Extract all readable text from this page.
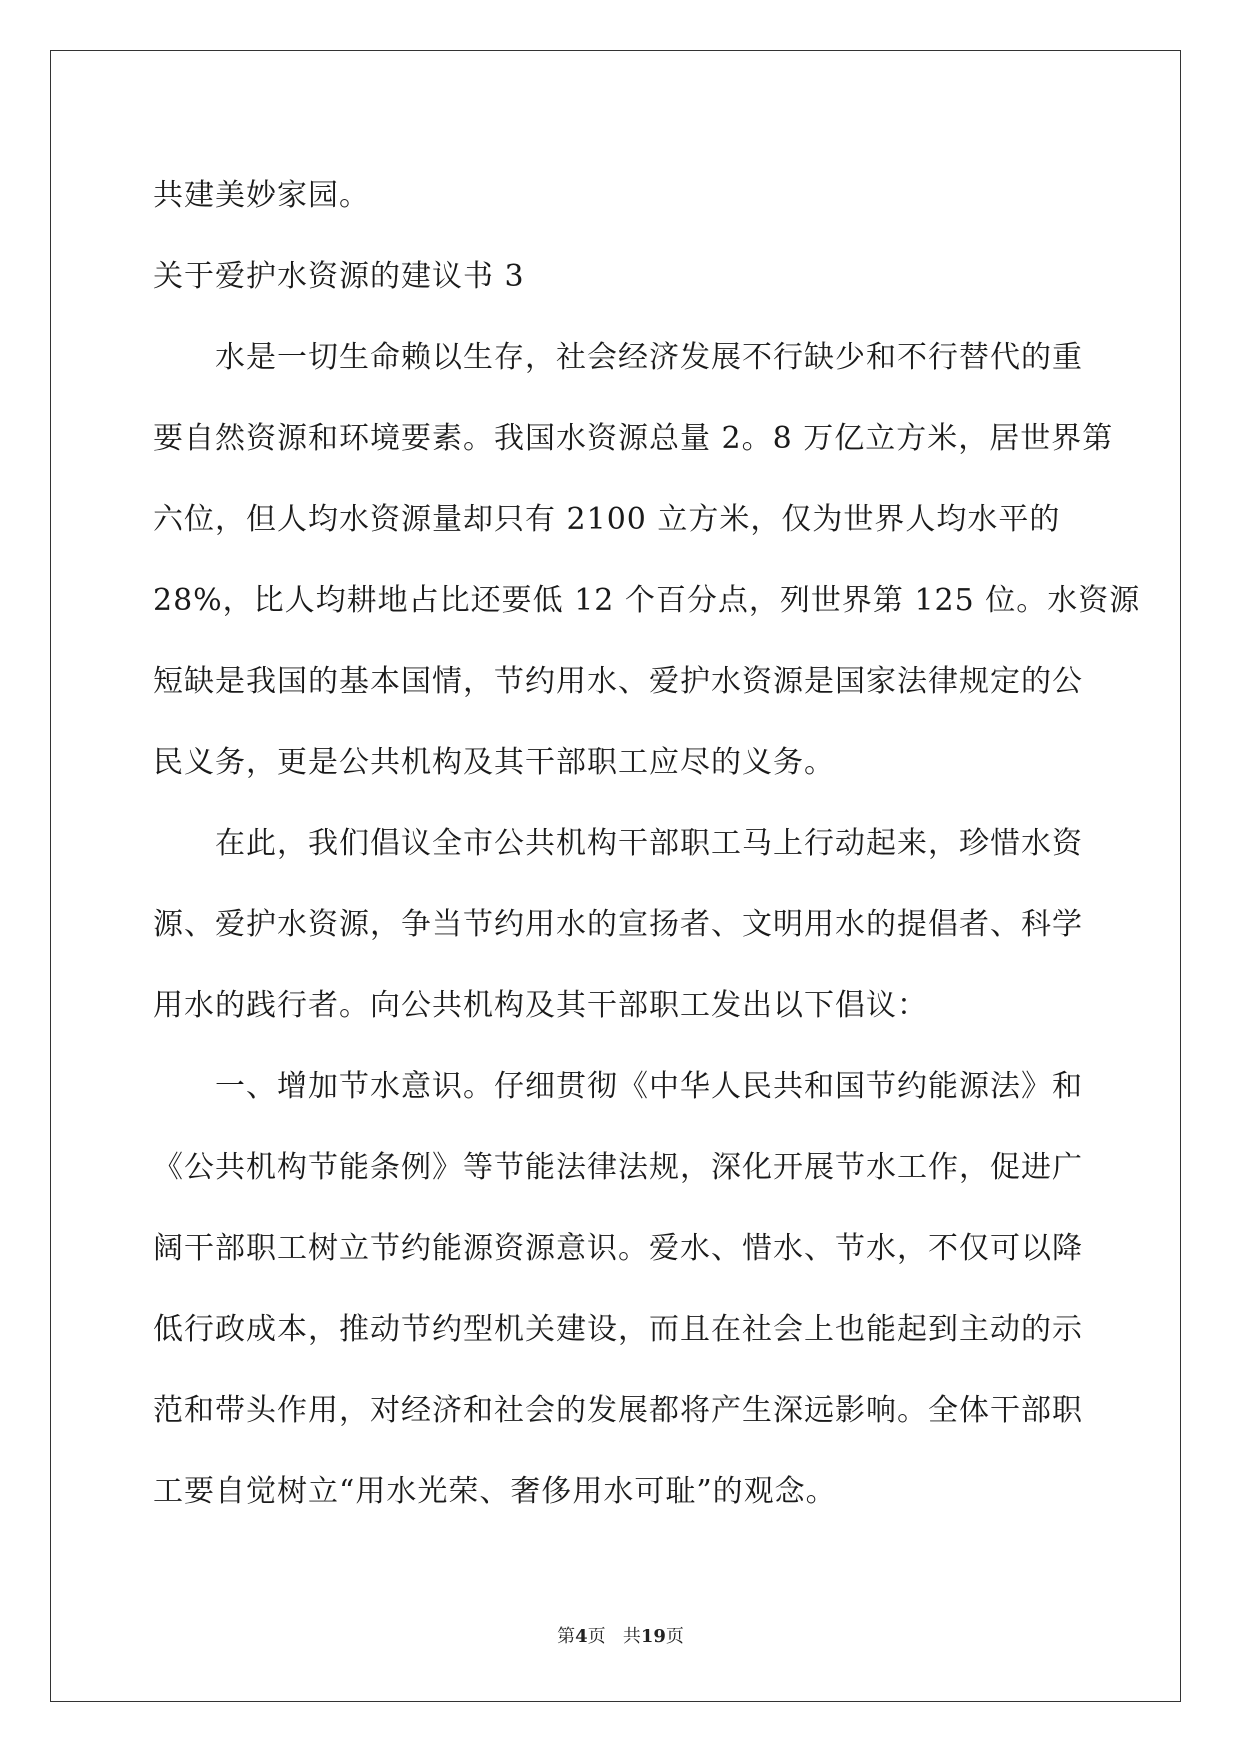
共建美妙家园。
关于爱护水资源的建议书 3
水是一切生命赖以生存，社会经济发展不行缺少和不行替代的重
要自然资源和环境要素。我国水资源总量 2。8 万亿立方米，居世界第
六位，但人均水资源量却只有 2100 立方米，仅为世界人均水平的
28%，比人均耕地占比还要低 12 个百分点，列世界第 125 位。水资源
短缺是我国的基本国情，节约用水、爱护水资源是国家法律规定的公
民义务，更是公共机构及其干部职工应尽的义务。
在此，我们倡议全市公共机构干部职工马上行动起来，珍惜水资
源、爱护水资源，争当节约用水的宣扬者、文明用水的提倡者、科学
用水的践行者。向公共机构及其干部职工发出以下倡议：
一、增加节水意识。仔细贯彻《中华人民共和国节约能源法》和
《公共机构节能条例》等节能法律法规，深化开展节水工作，促进广
阔干部职工树立节约能源资源意识。爱水、惜水、节水，不仅可以降
低行政成本，推动节约型机关建设，而且在社会上也能起到主动的示
范和带头作用，对经济和社会的发展都将产生深远影响。全体干部职
工要自觉树立“用水光荣、奢侈用水可耻”的观念。
第4页 共19页
